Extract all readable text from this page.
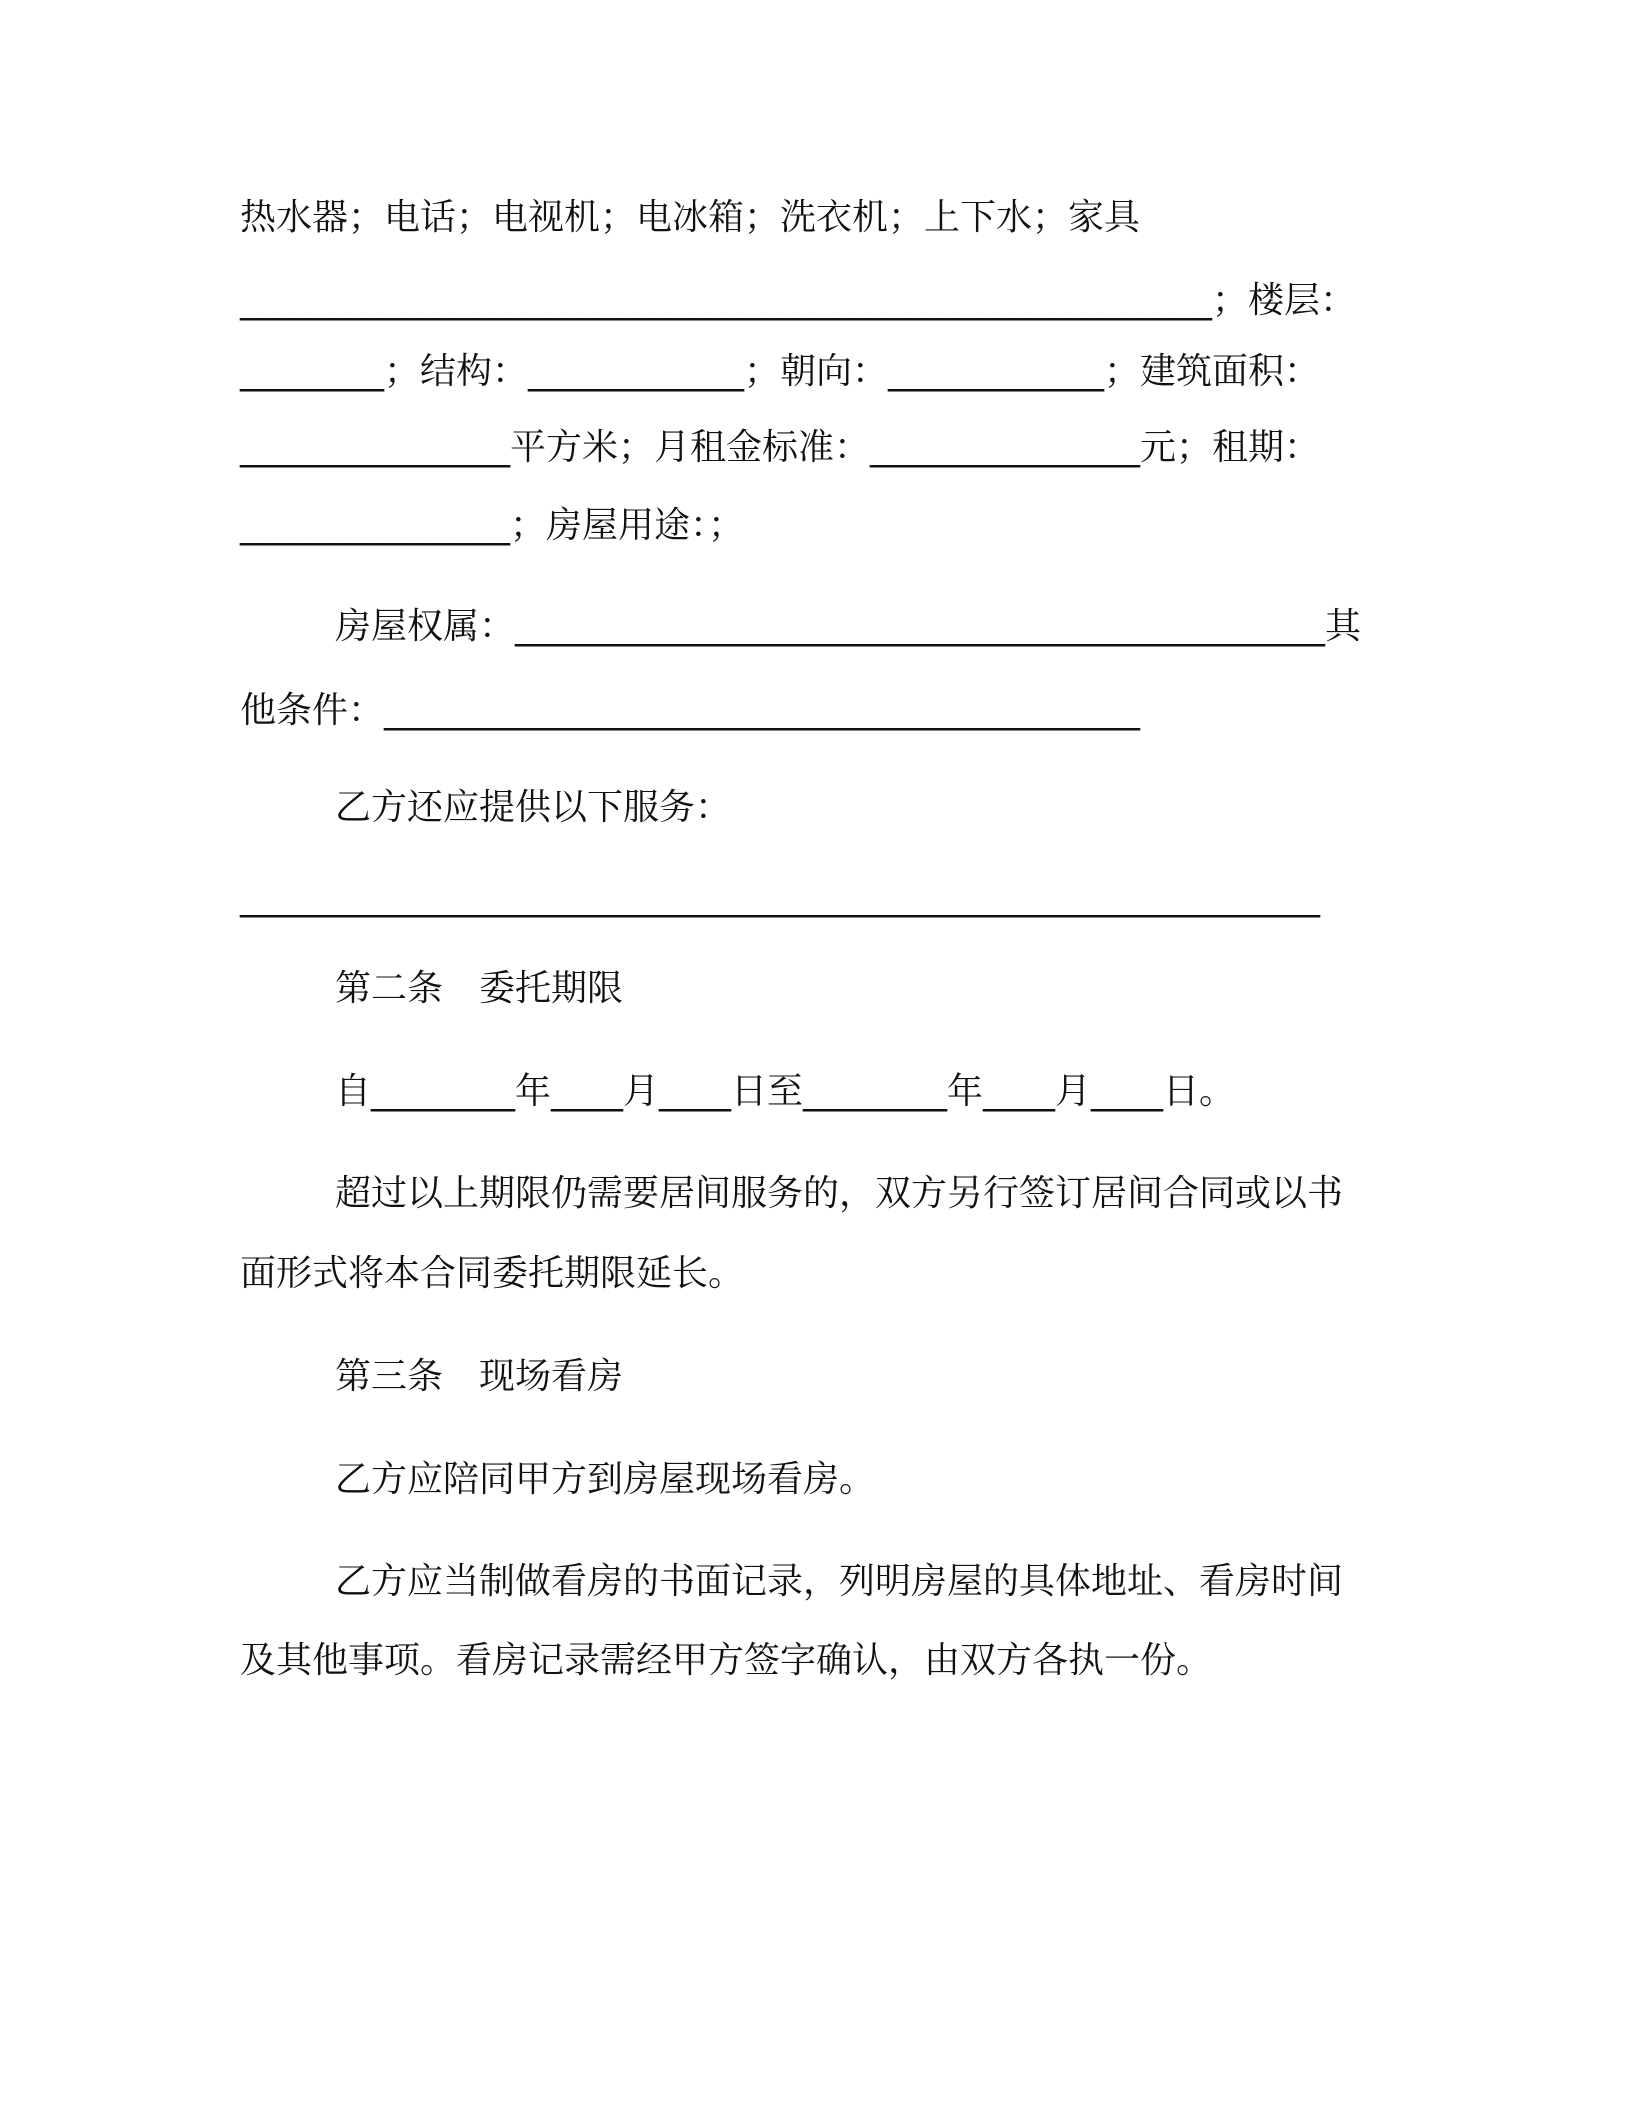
热水器；电话；电视机；电冰箱；洗衣机；上下水；家具
______________________________________________________；楼层：
________；结构：____________；朝向：____________；建筑面积：
_______________平方米；月租金标准：_______________元；租期：
_______________；房屋用途：；
房屋权属：_____________________________________________其
他条件：__________________________________________
乙方还应提供以下服务：
____________________________________________________________
第二条　委托期限
自________年____月____日至________年____月____日。
超过以上期限仍需要居间服务的，双方另行签订居间合同或以书
面形式将本合同委托期限延长。
第三条　现场看房
乙方应陪同甲方到房屋现场看房。
乙方应当制做看房的书面记录，列明房屋的具体地址、看房时间
及其他事项。看房记录需经甲方签字确认，由双方各执一份。
